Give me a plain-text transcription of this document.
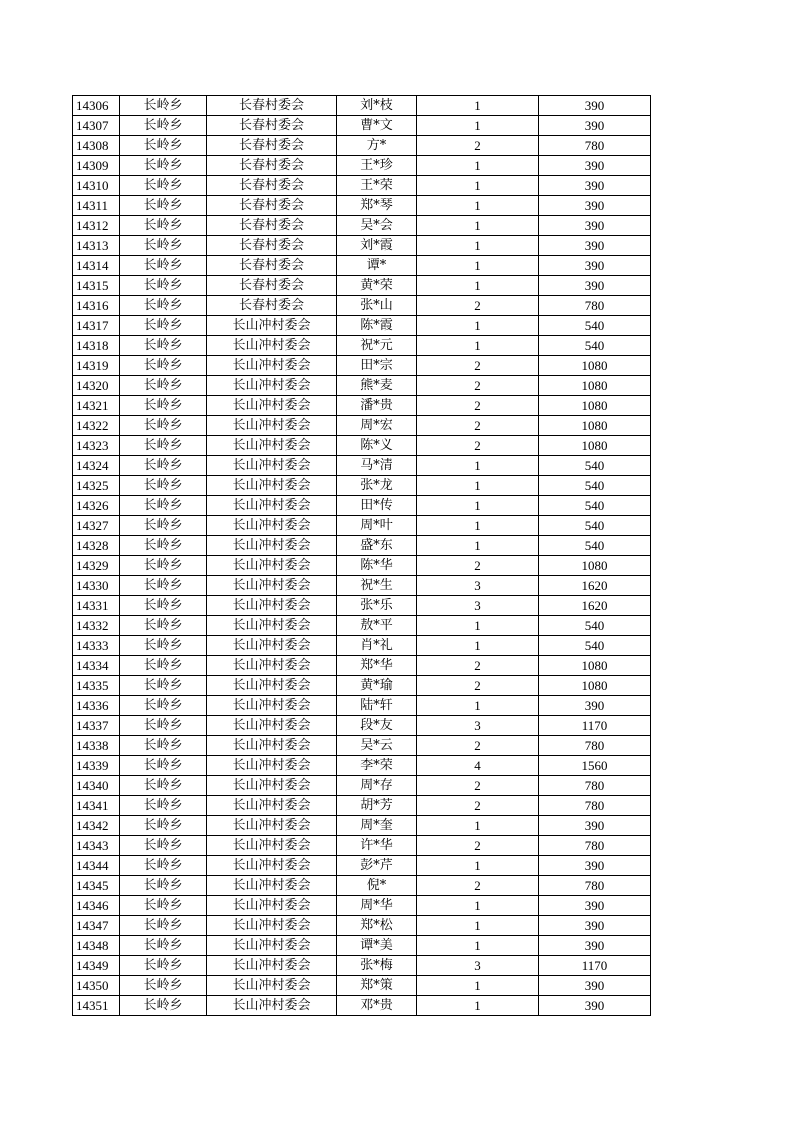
14306	长岭乡	长春村委会	刘*枝	1	390
14307	长岭乡	长春村委会	曹*文	1	390
14308	长岭乡	长春村委会	方*	2	780
14309	长岭乡	长春村委会	王*珍	1	390
14310	长岭乡	长春村委会	王*荣	1	390
14311	长岭乡	长春村委会	郑*琴	1	390
14312	长岭乡	长春村委会	吴*会	1	390
14313	长岭乡	长春村委会	刘*霞	1	390
14314	长岭乡	长春村委会	谭*	1	390
14315	长岭乡	长春村委会	黄*荣	1	390
14316	长岭乡	长春村委会	张*山	2	780
14317	长岭乡	长山冲村委会	陈*霞	1	540
14318	长岭乡	长山冲村委会	祝*元	1	540
14319	长岭乡	长山冲村委会	田*宗	2	1080
14320	长岭乡	长山冲村委会	熊*麦	2	1080
14321	长岭乡	长山冲村委会	潘*贵	2	1080
14322	长岭乡	长山冲村委会	周*宏	2	1080
14323	长岭乡	长山冲村委会	陈*义	2	1080
14324	长岭乡	长山冲村委会	马*清	1	540
14325	长岭乡	长山冲村委会	张*龙	1	540
14326	长岭乡	长山冲村委会	田*传	1	540
14327	长岭乡	长山冲村委会	周*叶	1	540
14328	长岭乡	长山冲村委会	盛*东	1	540
14329	长岭乡	长山冲村委会	陈*华	2	1080
14330	长岭乡	长山冲村委会	祝*生	3	1620
14331	长岭乡	长山冲村委会	张*乐	3	1620
14332	长岭乡	长山冲村委会	敖*平	1	540
14333	长岭乡	长山冲村委会	肖*礼	1	540
14334	长岭乡	长山冲村委会	郑*华	2	1080
14335	长岭乡	长山冲村委会	黄*瑜	2	1080
14336	长岭乡	长山冲村委会	陆*轩	1	390
14337	长岭乡	长山冲村委会	段*友	3	1170
14338	长岭乡	长山冲村委会	吴*云	2	780
14339	长岭乡	长山冲村委会	李*荣	4	1560
14340	长岭乡	长山冲村委会	周*存	2	780
14341	长岭乡	长山冲村委会	胡*芳	2	780
14342	长岭乡	长山冲村委会	周*奎	1	390
14343	长岭乡	长山冲村委会	许*华	2	780
14344	长岭乡	长山冲村委会	彭*芹	1	390
14345	长岭乡	长山冲村委会	倪*	2	780
14346	长岭乡	长山冲村委会	周*华	1	390
14347	长岭乡	长山冲村委会	郑*松	1	390
14348	长岭乡	长山冲村委会	谭*美	1	390
14349	长岭乡	长山冲村委会	张*梅	3	1170
14350	长岭乡	长山冲村委会	郑*策	1	390
14351	长岭乡	长山冲村委会	邓*贵	1	390
